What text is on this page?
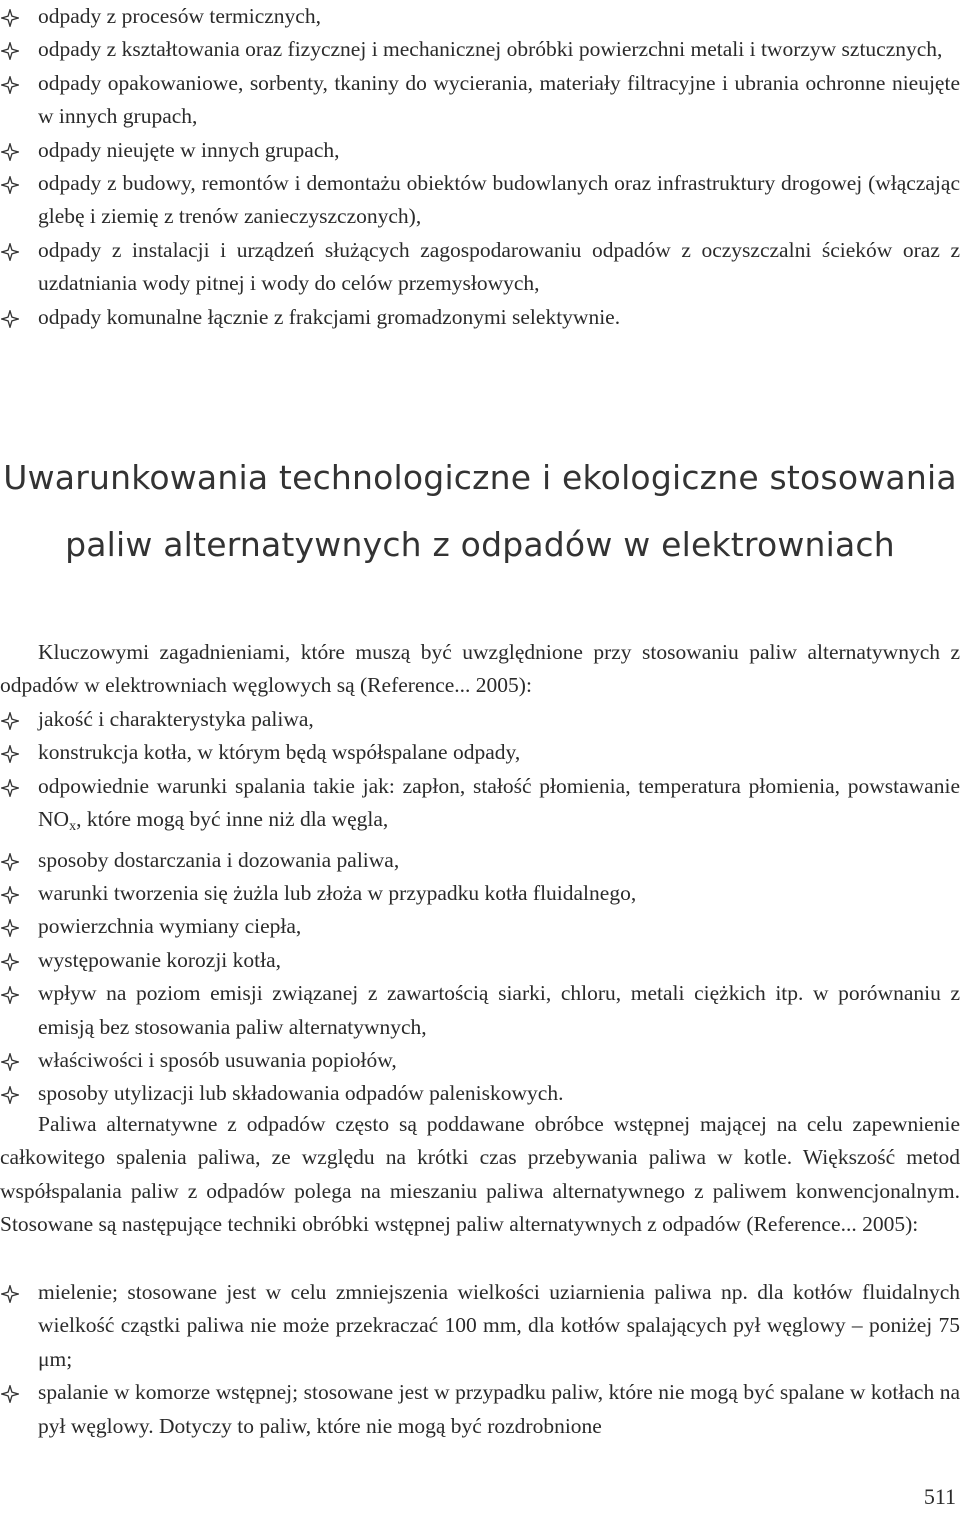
odpady z procesów termicznych,
odpady z kształtowania oraz fizycznej i mechanicznej obróbki powierzchni metali i tworzyw sztucznych,
odpady opakowaniowe, sorbenty, tkaniny do wycierania, materiały filtracyjne i ubrania ochronne nieujęte w innych grupach,
odpady nieujęte w innych grupach,
odpady z budowy, remontów i demontażu obiektów budowlanych oraz infrastruktury drogowej (włączając glebę i ziemię z trenów zanieczyszczonych),
odpady z instalacji i urządzeń służących zagospodarowaniu odpadów z oczyszczalni ścieków oraz z uzdatniania wody pitnej i wody do celów przemysłowych,
odpady komunalne łącznie z frakcjami gromadzonymi selektywnie.
Uwarunkowania technologiczne i ekologiczne stosowania
paliw alternatywnych z odpadów w elektrowniach

Kluczowymi zagadnieniami, które muszą być uwzględnione przy stosowaniu paliw alternatywnych z odpadów w elektrowniach węglowych są (Reference... 2005):

jakość i charakterystyka paliwa,
konstrukcja kotła, w którym będą współspalane odpady,
odpowiednie warunki spalania takie jak: zapłon, stałość płomienia, temperatura płomienia, powstawanie $NO_x$, które mogą być inne niż dla węgla,
sposoby dostarczania i dozowania paliwa,
warunki tworzenia się żużla lub złoża w przypadku kotła fluidalnego,
powierzchnia wymiany ciepła,
występowanie korozji kotła,
wpływ na poziom emisji związanej z zawartością siarki, chloru, metali ciężkich itp. w porównaniu z emisją bez stosowania paliw alternatywnych,
właściwości i sposób usuwania popiołów,
sposoby utylizacji lub składowania odpadów paleniskowych.

Paliwa alternatywne z odpadów często są poddawane obróbce wstępnej mającej na celu zapewnienie całkowitego spalenia paliwa, ze względu na krótki czas przebywania paliwa w kotle. Większość metod współspalania paliw z odpadów polega na mieszaniu paliwa alternatywnego z paliwem konwencjonalnym. Stosowane są następujące techniki obróbki wstępnej paliw alternatywnych z odpadów (Reference... 2005):

mielenie; stosowane jest w celu zmniejszenia wielkości uziarnienia paliwa np. dla kotłów fluidalnych wielkość cząstki paliwa nie może przekraczać 100 mm, dla kotłów spalających pył węglowy – poniżej 75 μm;
spalanie w komorze wstępnej; stosowane jest w przypadku paliw, które nie mogą być spalane w kotłach na pył węglowy. Dotyczy to paliw, które nie mogą być rozdrobnione
511
